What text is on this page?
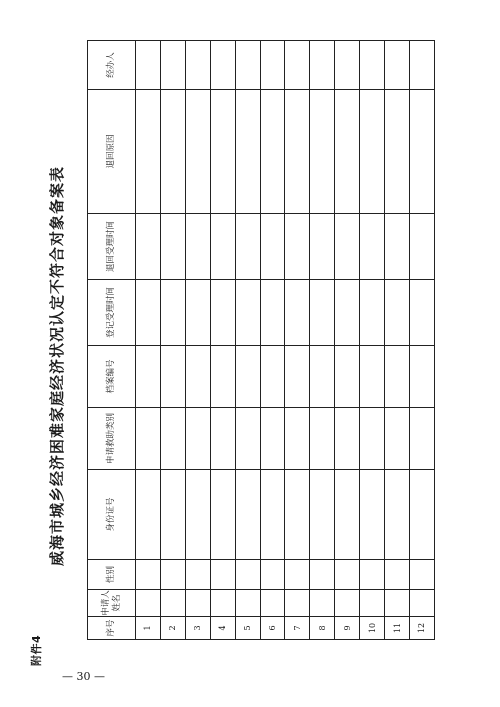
附件4
威海市城乡经济困难家庭经济状况认定不符合对象备案表
序号	申请人姓名	性别	身份证号	申请救助类别	档案编号	登记受理时间	退回受理时间	退回原因	经办人
1									
2									
3									
4									
5									
6									
7									
8									
9									
10									
11									
12									
— 30 —
